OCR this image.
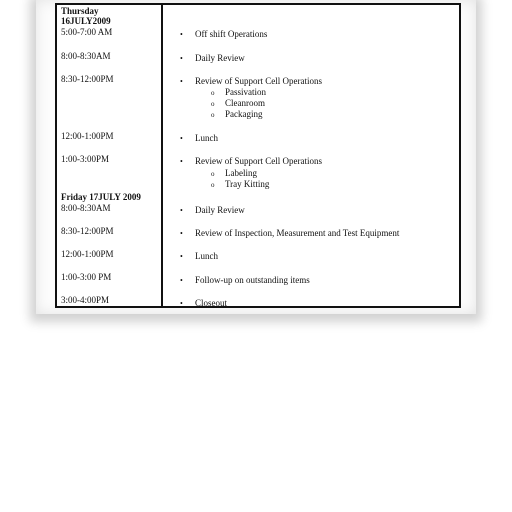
Thursday
16JULY2009
5:00-7:00 AM
8:00-8:30AM
8:30-12:00PM
12:00-1:00PM
1:00-3:00PM
Friday 17JULY 2009
8:00-8:30AM
8:30-12:00PM
12:00-1:00PM
1:00-3:00 PM
3:00-4:00PM
• Off shift Operations
• Daily Review
• Review of Support Cell Operations
o Passivation
o Cleanroom
o Packaging
• Lunch
• Review of Support Cell Operations
o Labeling
o Tray Kitting
• Daily Review
• Review of Inspection, Measurement and Test Equipment
• Lunch
• Follow-up on outstanding items
• Closeout
